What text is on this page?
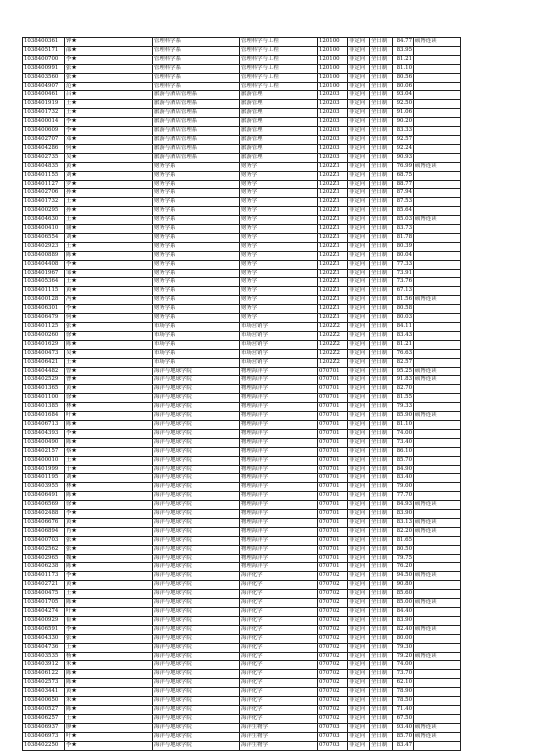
1038400361	钟★	管理科学系	管理科学与工程	120100	非定向	全日制	84.77	硕博连读
1038405171	邵★	管理科学系	管理科学与工程	120100	非定向	全日制	83.95	
1038400700	李★	管理科学系	管理科学与工程	120100	非定向	全日制	81.21	
1038400991	张★	管理科学系	管理科学与工程	120100	非定向	全日制	81.10	
1038403560	张★	管理科学系	管理科学与工程	120100	非定向	全日制	80.56	
1038404907	范★	管理科学系	管理科学与工程	120100	非定向	全日制	80.06	
1038400461	吕★	旅游与酒店管理系	旅游管理	120203	非定向	全日制	93.04	
1038401919	王★	旅游与酒店管理系	旅游管理	120203	非定向	全日制	92.50	
1038401732	王★	旅游与酒店管理系	旅游管理	120203	非定向	全日制	91.06	
1038400014	李★	旅游与酒店管理系	旅游管理	120203	非定向	全日制	90.20	
1038400609	李★	旅游与酒店管理系	旅游管理	120203	非定向	全日制	83.33	
1038402707	邓★	旅游与酒店管理系	旅游管理	120203	非定向	全日制	92.57	
1038404286	何★	旅游与酒店管理系	旅游管理	120203	非定向	全日制	92.24	
1038402735	吴★	旅游与酒店管理系	旅游管理	120203	非定向	全日制	90.93	
1038404835	黄★	财务学系	财务学	1202Z1	非定向	全日制	76.99	硕博连读
1038401155	刘★	财务学系	财务学	1202Z1	非定向	全日制	68.75	
1038401127	罗★	财务学系	财务学	1202Z1	非定向	全日制	88.77	
1038402706	孙★	财务学系	财务学	1202Z1	非定向	全日制	87.94	
1038401732	王★	财务学系	财务学	1202Z1	非定向	全日制	87.53	
1038400295	孙★	财务学系	财务学	1202Z1	非定向	全日制	85.64	
1038404630	王★	财务学系	财务学	1202Z1	非定向	全日制	85.03	硕博连读
1038400410	谢★	财务学系	财务学	1202Z1	非定向	全日制	83.73	
1038406554	刘★	财务学系	财务学	1202Z1	非定向	全日制	81.78	
1038402923	王★	财务学系	财务学	1202Z1	非定向	全日制	80.39	
1038400889	陈★	财务学系	财务学	1202Z1	非定向	全日制	80.04	
1038404408	李★	财务学系	财务学	1202Z1	非定向	全日制	77.33	
1038401967	邹★	财务学系	财务学	1202Z1	非定向	全日制	73.91	
1038405364	王★	财务学系	财务学	1202Z1	非定向	全日制	73.76	
1038401115	黄★	财务学系	财务学	1202Z1	非定向	全日制	67.13	
1038400128	冯★	财务学系	财务学	1202Z1	非定向	全日制	81.56	硕博连读
1038406301	李★	财务学系	财务学	1202Z1	非定向	全日制	80.58	
1038406479	何★	财务学系	财务学	1202Z1	非定向	全日制	80.03	
1038401125	张★	市场学系	市场营销学	1202Z2	非定向	全日制	84.11	
1038400260	徐★	市场学系	市场营销学	1202Z2	非定向	全日制	83.43	
1038401629	陈★	市场学系	市场营销学	1202Z2	非定向	全日制	81.21	
1038400473	吴★	市场学系	市场营销学	1202Z2	非定向	全日制	76.63	
1038406421	王★	市场学系	市场营销学	1202Z2	非定向	全日制	82.57	
1038404482	曾★	海洋与地球学院	物理海洋学	070701	非定向	全日制	95.25	硕博连读
1038402529	曹★	海洋与地球学院	物理海洋学	070701	非定向	全日制	91.83	硕博连读
1038401365	黄★	海洋与地球学院	物理海洋学	070701	非定向	全日制	82.70	
1038401100	徐★	海洋与地球学院	物理海洋学	070701	非定向	全日制	81.55	
1038401385	林★	海洋与地球学院	物理海洋学	070701	非定向	全日制	79.33	
1038401684	叶★	海洋与地球学院	物理海洋学	070701	非定向	全日制	85.90	硕博连读
1038406713	陈★	海洋与地球学院	物理海洋学	070701	非定向	全日制	81.10	
1038404393	李★	海洋与地球学院	物理海洋学	070701	非定向	全日制	74.00	
1038400490	陈★	海洋与地球学院	物理海洋学	070701	非定向	全日制	73.40	
1038402157	蔡★	海洋与地球学院	物理海洋学	070701	非定向	全日制	86.10	
1038400010	王★	海洋与地球学院	物理海洋学	070701	非定向	全日制	85.70	
1038401999	于★	海洋与地球学院	物理海洋学	070701	非定向	全日制	84.90	
1038401195	刘★	海洋与地球学院	物理海洋学	070701	非定向	全日制	83.40	
1038403955	林★	海洋与地球学院	物理海洋学	070701	非定向	全日制	79.00	
1038406491	陈★	海洋与地球学院	物理海洋学	070701	非定向	全日制	77.70	
1038406569	徐★	海洋与地球学院	物理海洋学	070701	非定向	全日制	84.93	硕博连读
1038402488	李★	海洋与地球学院	物理海洋学	070701	非定向	全日制	83.90	
1038406676	黄★	海洋与地球学院	物理海洋学	070701	非定向	全日制	83.13	硕博连读
1038406894	肖★	海洋与地球学院	物理海洋学	070701	非定向	全日制	82.20	硕博连读
1038400703	张★	海洋与地球学院	物理海洋学	070701	非定向	全日制	81.65	
1038402562	张★	海洋与地球学院	物理海洋学	070701	非定向	全日制	80.50	
1038402965	魏★	海洋与地球学院	物理海洋学	070701	非定向	全日制	79.75	
1038406238	陈★	海洋与地球学院	物理海洋学	070701	非定向	全日制	76.20	
1038401173	李★	海洋与地球学院	海洋化学	070702	非定向	全日制	94.50	硕博连读
1038402721	黄★	海洋与地球学院	海洋化学	070702	非定向	全日制	90.80	
1038400475	王★	海洋与地球学院	海洋化学	070702	非定向	全日制	85.60	
1038401705	陈★	海洋与地球学院	海洋化学	070702	非定向	全日制	85.00	硕博连读
1038404274	叶★	海洋与地球学院	海洋化学	070702	非定向	全日制	84.40	
1038400929	崔★	海洋与地球学院	海洋化学	070702	非定向	全日制	83.90	
1038406591	李★	海洋与地球学院	海洋化学	070702	非定向	全日制	82.40	硕博连读
1038404330	张★	海洋与地球学院	海洋化学	070702	非定向	全日制	80.00	
1038404736	王★	海洋与地球学院	海洋化学	070702	非定向	全日制	79.30	
1038403535	杨★	海洋与地球学院	海洋化学	070702	非定向	全日制	79.20	硕博连读
1038403912	朱★	海洋与地球学院	海洋化学	070702	非定向	全日制	74.00	
1038406122	陈★	海洋与地球学院	海洋化学	070702	非定向	全日制	73.70	
1038402573	陈★	海洋与地球学院	海洋化学	070702	非定向	全日制	62.10	
1038403441	黄★	海洋与地球学院	海洋化学	070702	非定向	全日制	78.90	
1038400650	朱★	海洋与地球学院	海洋化学	070702	非定向	全日制	78.50	
1038400527	陈★	海洋与地球学院	海洋化学	070702	非定向	全日制	71.40	
1038406257	王★	海洋与地球学院	海洋化学	070702	非定向	全日制	67.50	
1038406937	廖★	海洋与地球学院	海洋生物学	070703	非定向	全日制	93.40	硕博连读
1038406973	叶★	海洋与地球学院	海洋生物学	070703	非定向	全日制	85.70	硕博连读
1038402250	李★	海洋与地球学院	海洋生物学	070703	非定向	全日制	83.47	
